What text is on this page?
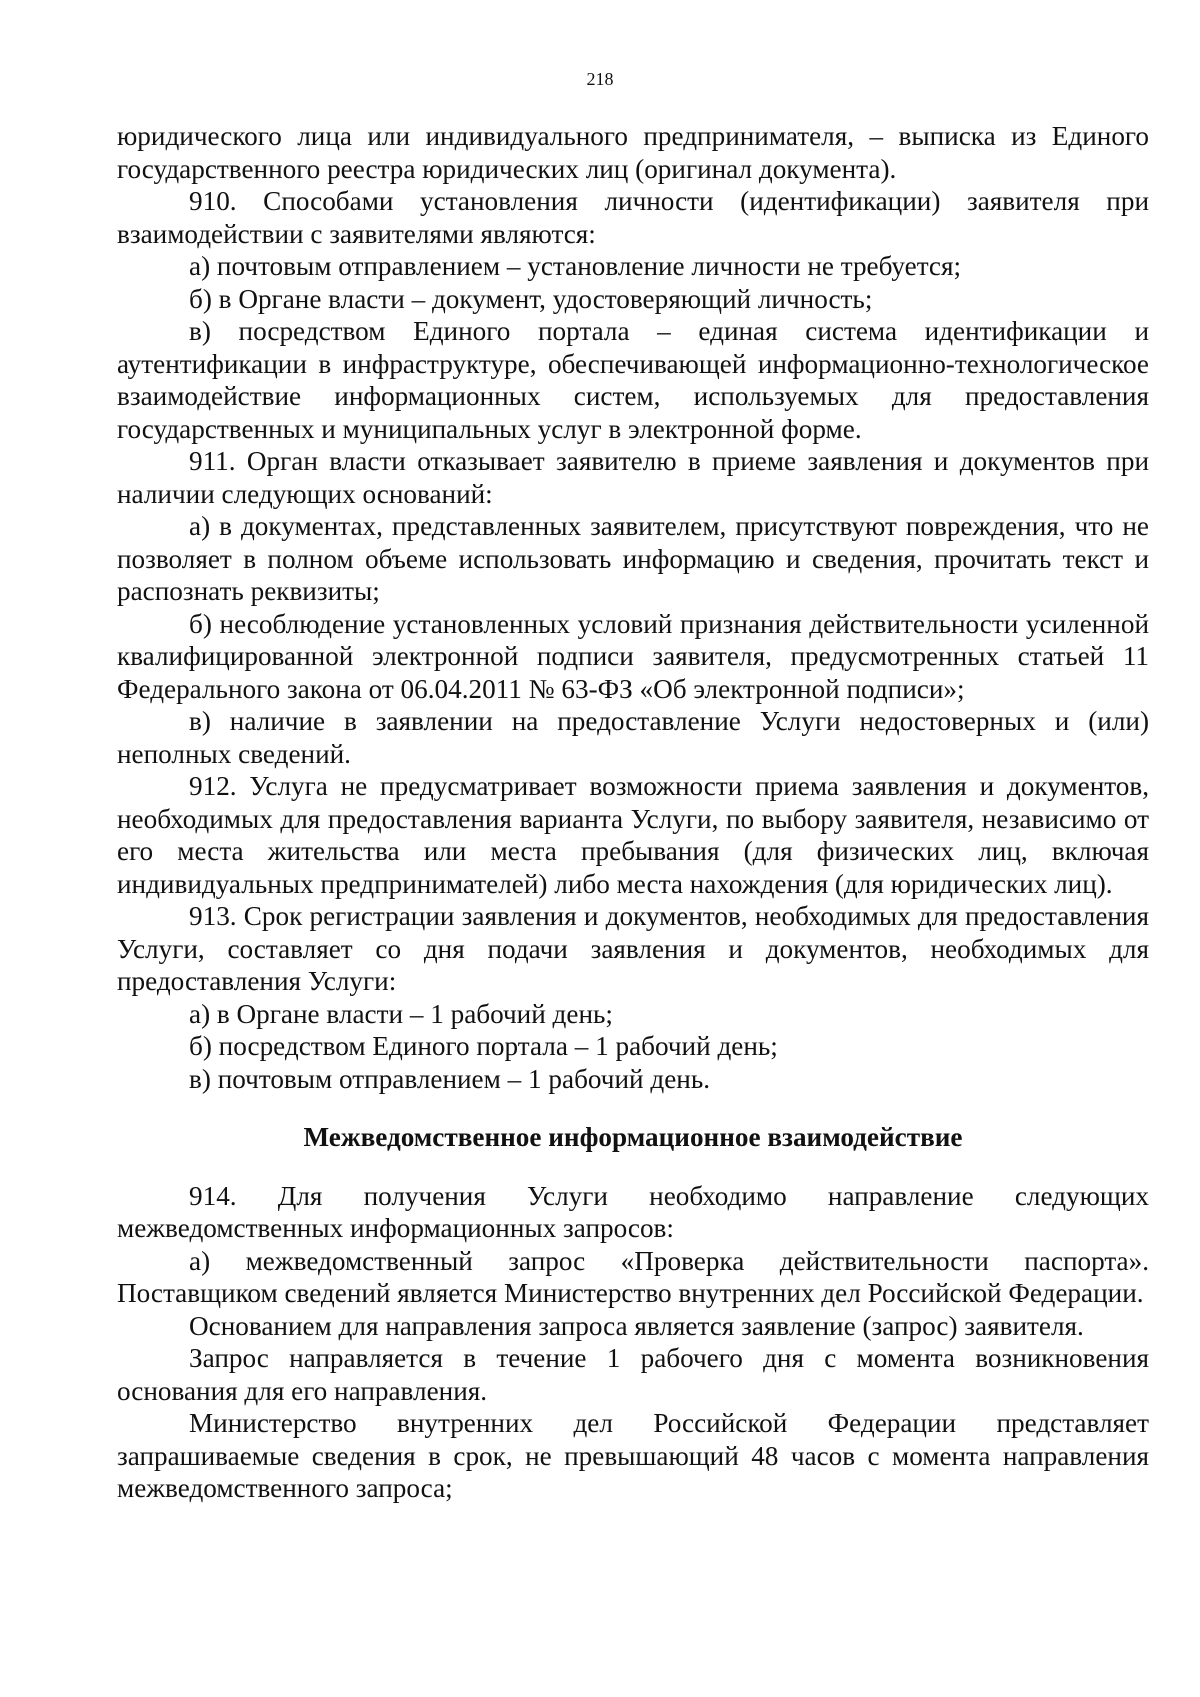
218

юридического лица или индивидуального предпринимателя, – выписка из Единого государственного реестра юридических лиц (оригинал документа).

910. Способами установления личности (идентификации) заявителя при взаимодействии с заявителями являются:

а) почтовым отправлением – установление личности не требуется;

б) в Органе власти – документ, удостоверяющий личность;

в) посредством Единого портала – единая система идентификации и аутентификации в инфраструктуре, обеспечивающей информационно-технологическое взаимодействие информационных систем, используемых для предоставления государственных и муниципальных услуг в электронной форме.

911. Орган власти отказывает заявителю в приеме заявления и документов при наличии следующих оснований:

а) в документах, представленных заявителем, присутствуют повреждения, что не позволяет в полном объеме использовать информацию и сведения, прочитать текст и распознать реквизиты;

б) несоблюдение установленных условий признания действительности усиленной квалифицированной электронной подписи заявителя, предусмотренных статьей 11 Федерального закона от 06.04.2011 № 63-ФЗ «Об электронной подписи»;

в) наличие в заявлении на предоставление Услуги недостоверных и (или) неполных сведений.

912. Услуга не предусматривает возможности приема заявления и документов, необходимых для предоставления варианта Услуги, по выбору заявителя, независимо от его места жительства или места пребывания (для физических лиц, включая индивидуальных предпринимателей) либо места нахождения (для юридических лиц).

913. Срок регистрации заявления и документов, необходимых для предоставления Услуги, составляет со дня подачи заявления и документов, необходимых для предоставления Услуги:

а) в Органе власти – 1 рабочий день;

б) посредством Единого портала – 1 рабочий день;

в) почтовым отправлением – 1 рабочий день.

Межведомственное информационное взаимодействие

914. Для получения Услуги необходимо направление следующих межведомственных информационных запросов:

а) межведомственный запрос «Проверка действительности паспорта». Поставщиком сведений является Министерство внутренних дел Российской Федерации.

Основанием для направления запроса является заявление (запрос) заявителя.

Запрос направляется в течение 1 рабочего дня с момента возникновения основания для его направления.

Министерство внутренних дел Российской Федерации представляет запрашиваемые сведения в срок, не превышающий 48 часов с момента направления межведомственного запроса;
